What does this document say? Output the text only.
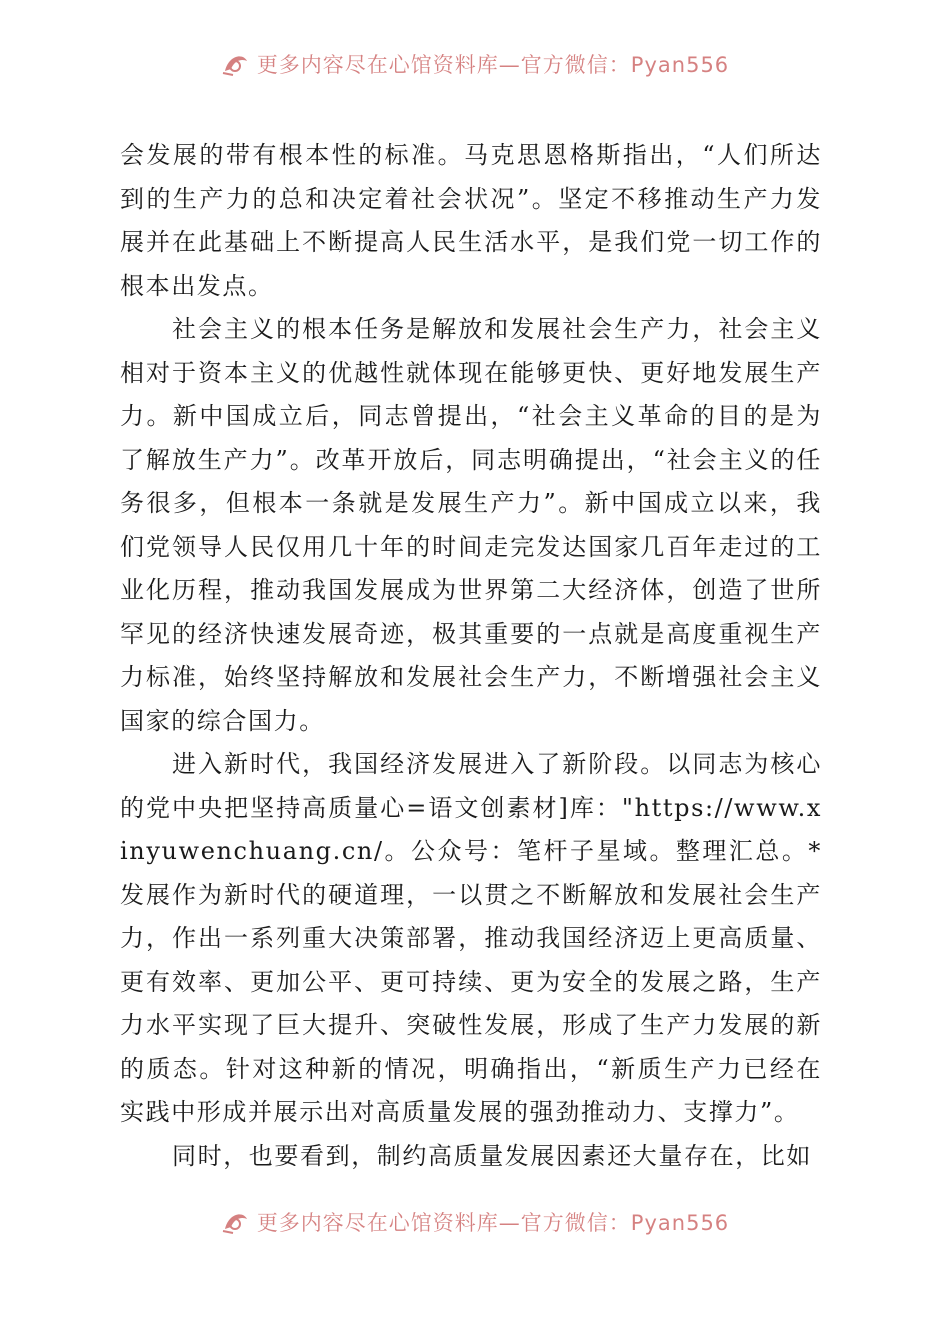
更多内容尽在心馆资料库—官方微信：Pyan556

会发展的带有根本性的标准。马克思恩格斯指出，“人们所达到的生产力的总和决定着社会状况”。坚定不移推动生产力发展并在此基础上不断提高人民生活水平，是我们党一切工作的根本出发点。

社会主义的根本任务是解放和发展社会生产力，社会主义相对于资本主义的优越性就体现在能够更快、更好地发展生产力。新中国成立后，同志曾提出，“社会主义革命的目的是为了解放生产力”。改革开放后，同志明确提出，“社会主义的任务很多，但根本一条就是发展生产力”。新中国成立以来，我们党领导人民仅用几十年的时间走完发达国家几百年走过的工业化历程，推动我国发展成为世界第二大经济体，创造了世所罕见的经济快速发展奇迹，极其重要的一点就是高度重视生产力标准，始终坚持解放和发展社会生产力，不断增强社会主义国家的综合国力。

进入新时代，我国经济发展进入了新阶段。以同志为核心的党中央把坚持高质量心=语文创素材]库："https://www.xinyuwenchuang.cn/。公众号：笔杆子星域。整理汇总。*发展作为新时代的硬道理，一以贯之不断解放和发展社会生产力，作出一系列重大决策部署，推动我国经济迈上更高质量、更有效率、更加公平、更可持续、更为安全的发展之路，生产力水平实现了巨大提升、突破性发展，形成了生产力发展的新的质态。针对这种新的情况，明确指出，“新质生产力已经在实践中形成并展示出对高质量发展的强劲推动力、支撑力”。

同时，也要看到，制约高质量发展因素还大量存在，比如

更多内容尽在心馆资料库—官方微信：Pyan556
